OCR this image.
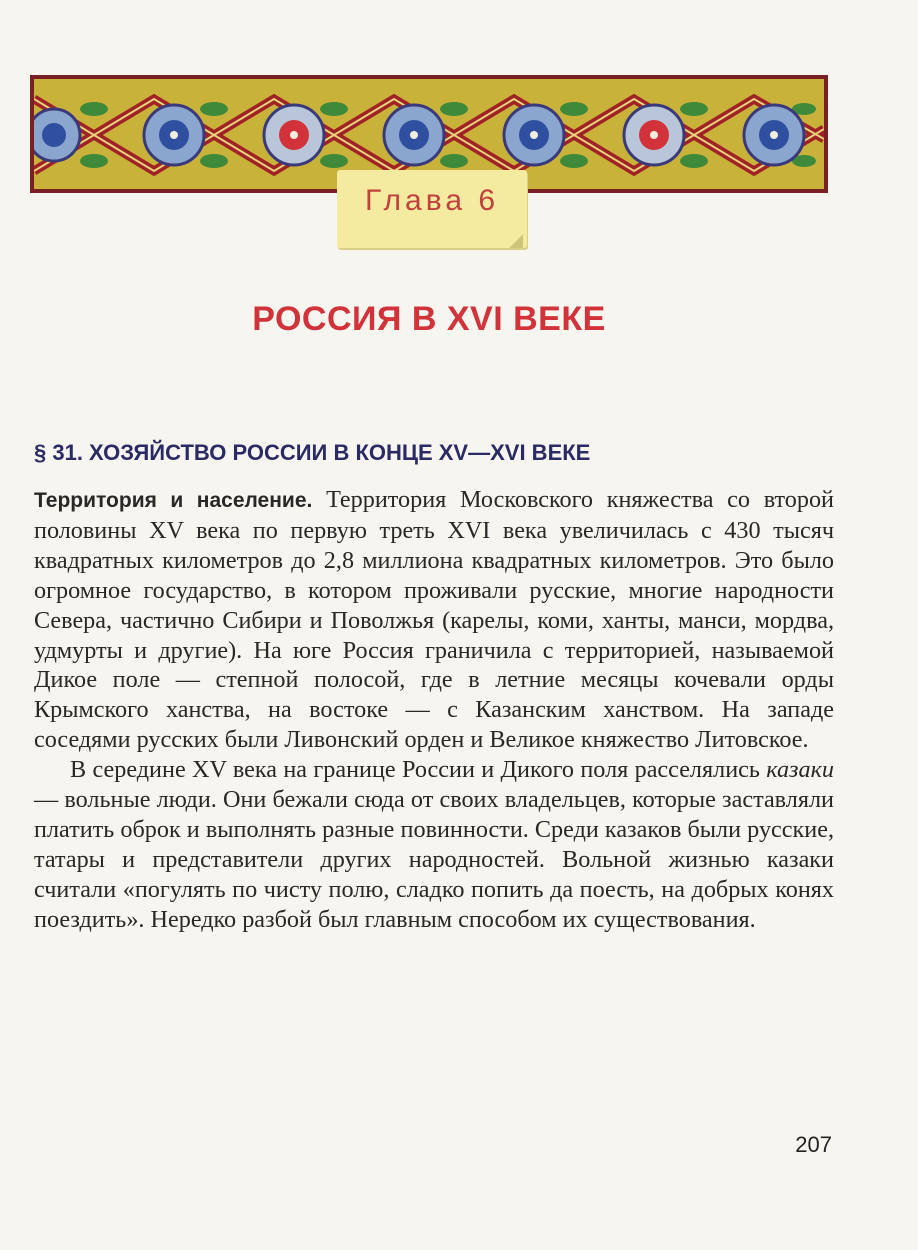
Глава 6
РОССИЯ В XVI ВЕКЕ
§ 31. ХОЗЯЙСТВО РОССИИ В КОНЦЕ XV—XVI ВЕКЕ

Территория и население. Территория Московского княжества со второй половины XV века по первую треть XVI века увеличилась с 430 тысяч квадратных километров до 2,8 миллиона квадратных километров. Это было огромное государство, в котором проживали русские, многие народности Севера, частично Сибири и Поволжья (карелы, коми, ханты, манси, мордва, удмурты и другие). На юге Россия граничила с территорией, называемой Дикое поле — степной полосой, где в летние месяцы кочевали орды Крымского ханства, на востоке — с Казанским ханством. На западе соседями русских были Ливонский орден и Великое княжество Литовское.

В середине XV века на границе России и Дикого поля расселялись казаки — вольные люди. Они бежали сюда от своих владельцев, которые заставляли платить оброк и выполнять разные повинности. Среди казаков были русские, татары и представители других народностей. Вольной жизнью казаки считали «погулять по чисту полю, сладко попить да поесть, на добрых конях поездить». Нередко разбой был главным способом их существования.

207
